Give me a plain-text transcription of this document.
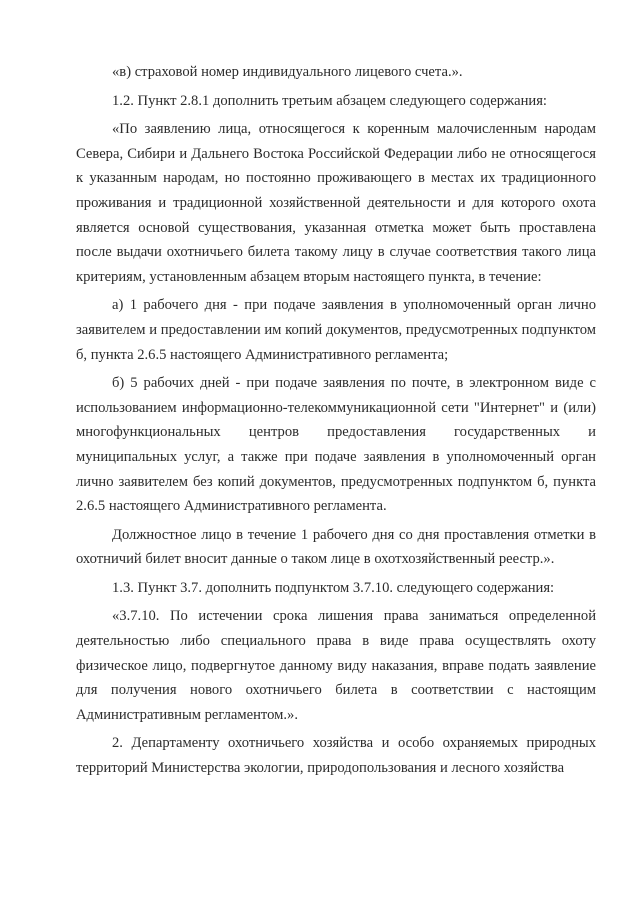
«в) страховой номер индивидуального лицевого счета.».

1.2. Пункт 2.8.1 дополнить третьим абзацем следующего содержания:

«По заявлению лица, относящегося к коренным малочисленным народам Севера, Сибири и Дальнего Востока Российской Федерации либо не относящегося к указанным народам, но постоянно проживающего в местах их традиционного проживания и традиционной хозяйственной деятельности и для которого охота является основой существования, указанная отметка может быть проставлена после выдачи охотничьего билета такому лицу в случае соответствия такого лица критериям, установленным абзацем вторым настоящего пункта, в течение:

а) 1 рабочего дня - при подаче заявления в уполномоченный орган лично заявителем и предоставлении им копий документов, предусмотренных подпунктом б, пункта 2.6.5 настоящего Административного регламента;

б) 5 рабочих дней - при подаче заявления по почте, в электронном виде с использованием информационно-телекоммуникационной сети "Интернет" и (или) многофункциональных центров предоставления государственных и муниципальных услуг, а также при подаче заявления в уполномоченный орган лично заявителем без копий документов, предусмотренных подпунктом б, пункта 2.6.5 настоящего Административного регламента.

Должностное лицо в течение 1 рабочего дня со дня проставления отметки в охотничий билет вносит данные о таком лице в охотхозяйственный реестр.».

1.3. Пункт 3.7. дополнить подпунктом 3.7.10. следующего содержания:

«3.7.10. По истечении срока лишения права заниматься определенной деятельностью либо специального права в виде права осуществлять охоту физическое лицо, подвергнутое данному виду наказания, вправе подать заявление для получения нового охотничьего билета в соответствии с настоящим Административным регламентом.».

2. Департаменту охотничьего хозяйства и особо охраняемых природных территорий Министерства экологии, природопользования и лесного хозяйства
